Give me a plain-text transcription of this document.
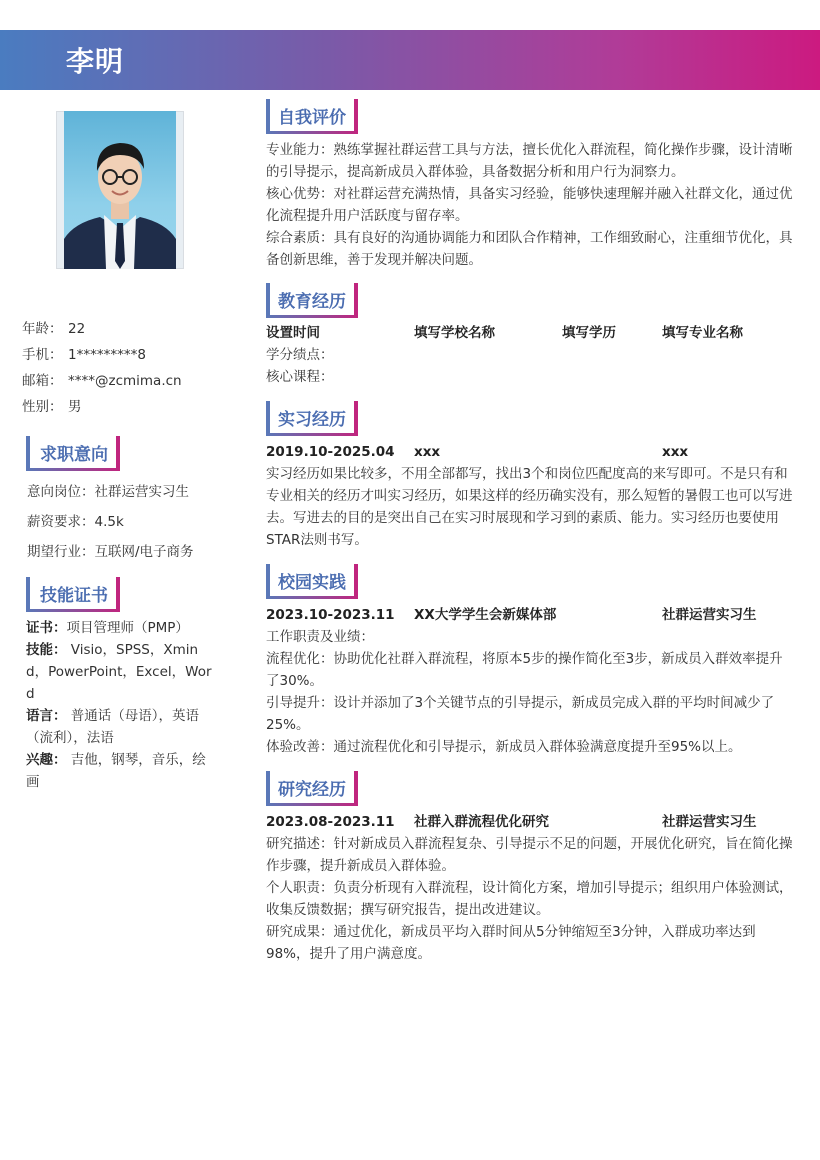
李明
年龄： 22
手机： 1*********8
邮箱： ****@zcmima.cn
性别： 男
求职意向
意向岗位：社群运营实习生
薪资要求：4.5k
期望行业：互联网/电子商务
技能证书

证书：项目管理师（PMP）

技能： Visio，SPSS，Xmind，PowerPoint，Excel，Word

语言： 普通话（母语），英语（流利），法语

兴趣： 吉他，钢琴，音乐，绘画

自我评价

专业能力：熟练掌握社群运营工具与方法，擅长优化入群流程，简化操作步骤，设计清晰的引导提示，提高新成员入群体验，具备数据分析和用户行为洞察力。

核心优势：对社群运营充满热情，具备实习经验，能够快速理解并融入社群文化，通过优化流程提升用户活跃度与留存率。

综合素质：具有良好的沟通协调能力和团队合作精神，工作细致耐心，注重细节优化，具备创新思维，善于发现并解决问题。

教育经历
设置时间	填写学校名称	填写学历	填写专业名称

学分绩点：

核心课程：

实习经历
2019.10-2025.04 xxx	xxx

实习经历如果比较多，不用全部都写，找出3个和岗位匹配度高的来写即可。不是只有和专业相关的经历才叫实习经历，如果这样的经历确实没有，那么短暂的暑假工也可以写进去。写进去的目的是突出自己在实习时展现和学习到的素质、能力。实习经历也要使用STAR法则书写。

校园实践
2023.10-2023.11 XX大学学生会新媒体部	社群运营实习生

工作职责及业绩：

流程优化：协助优化社群入群流程，将原本5步的操作简化至3步，新成员入群效率提升了30%。

引导提升：设计并添加了3个关键节点的引导提示，新成员完成入群的平均时间减少了25%。

体验改善：通过流程优化和引导提示，新成员入群体验满意度提升至95%以上。

研究经历
2023.08-2023.11 社群入群流程优化研究	社群运营实习生

研究描述：针对新成员入群流程复杂、引导提示不足的问题，开展优化研究，旨在简化操作步骤，提升新成员入群体验。

个人职责：负责分析现有入群流程，设计简化方案，增加引导提示；组织用户体验测试，收集反馈数据；撰写研究报告，提出改进建议。

研究成果：通过优化，新成员平均入群时间从5分钟缩短至3分钟，入群成功率达到98%，提升了用户满意度。
